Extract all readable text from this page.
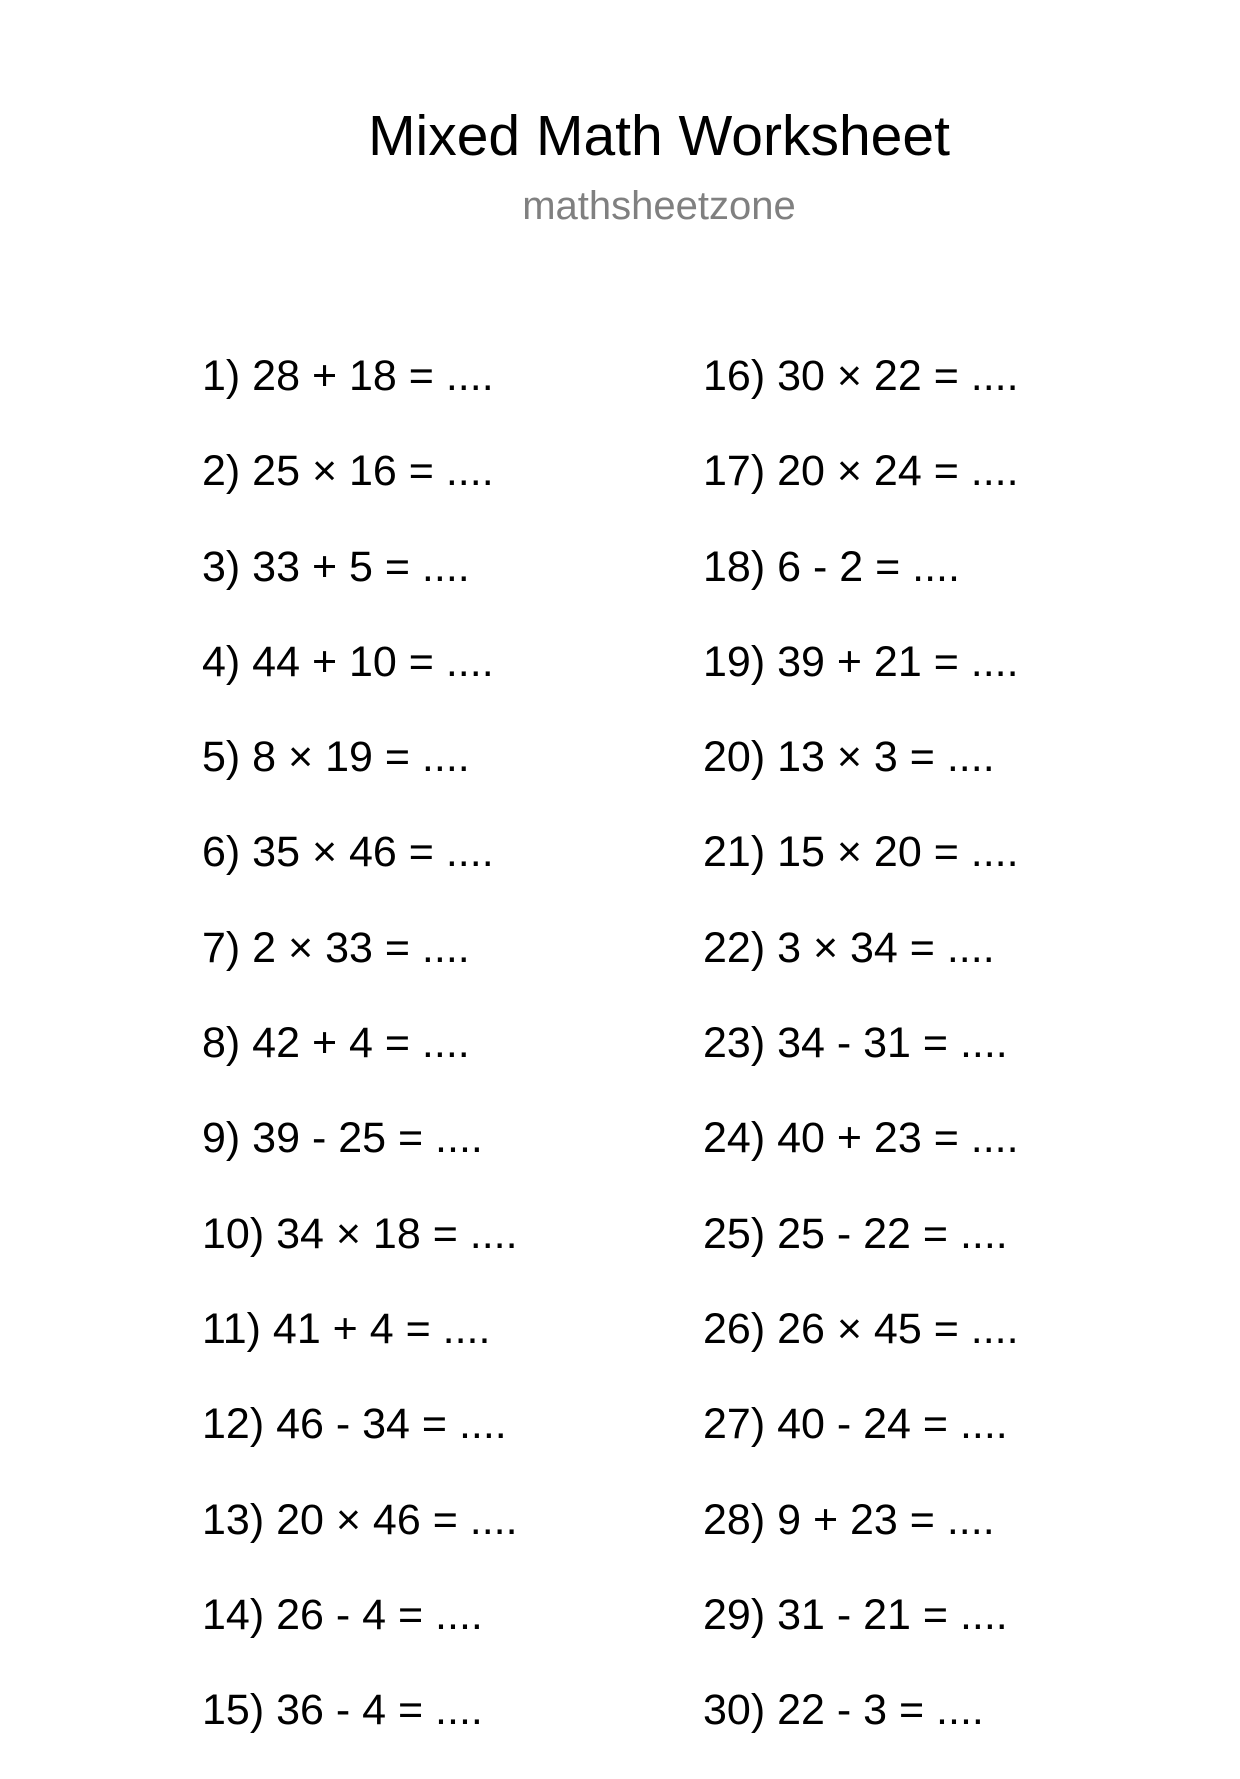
Mixed Math Worksheet
mathsheetzone
1) 28 + 18 = ....
2) 25 × 16 = ....
3) 33 + 5 = ....
4) 44 + 10 = ....
5) 8 × 19 = ....
6) 35 × 46 = ....
7) 2 × 33 = ....
8) 42 + 4 = ....
9) 39 - 25 = ....
10) 34 × 18 = ....
11) 41 + 4 = ....
12) 46 - 34 = ....
13) 20 × 46 = ....
14) 26 - 4 = ....
15) 36 - 4 = ....
16) 30 × 22 = ....
17) 20 × 24 = ....
18) 6 - 2 = ....
19) 39 + 21 = ....
20) 13 × 3 = ....
21) 15 × 20 = ....
22) 3 × 34 = ....
23) 34 - 31 = ....
24) 40 + 23 = ....
25) 25 - 22 = ....
26) 26 × 45 = ....
27) 40 - 24 = ....
28) 9 + 23 = ....
29) 31 - 21 = ....
30) 22 - 3 = ....
